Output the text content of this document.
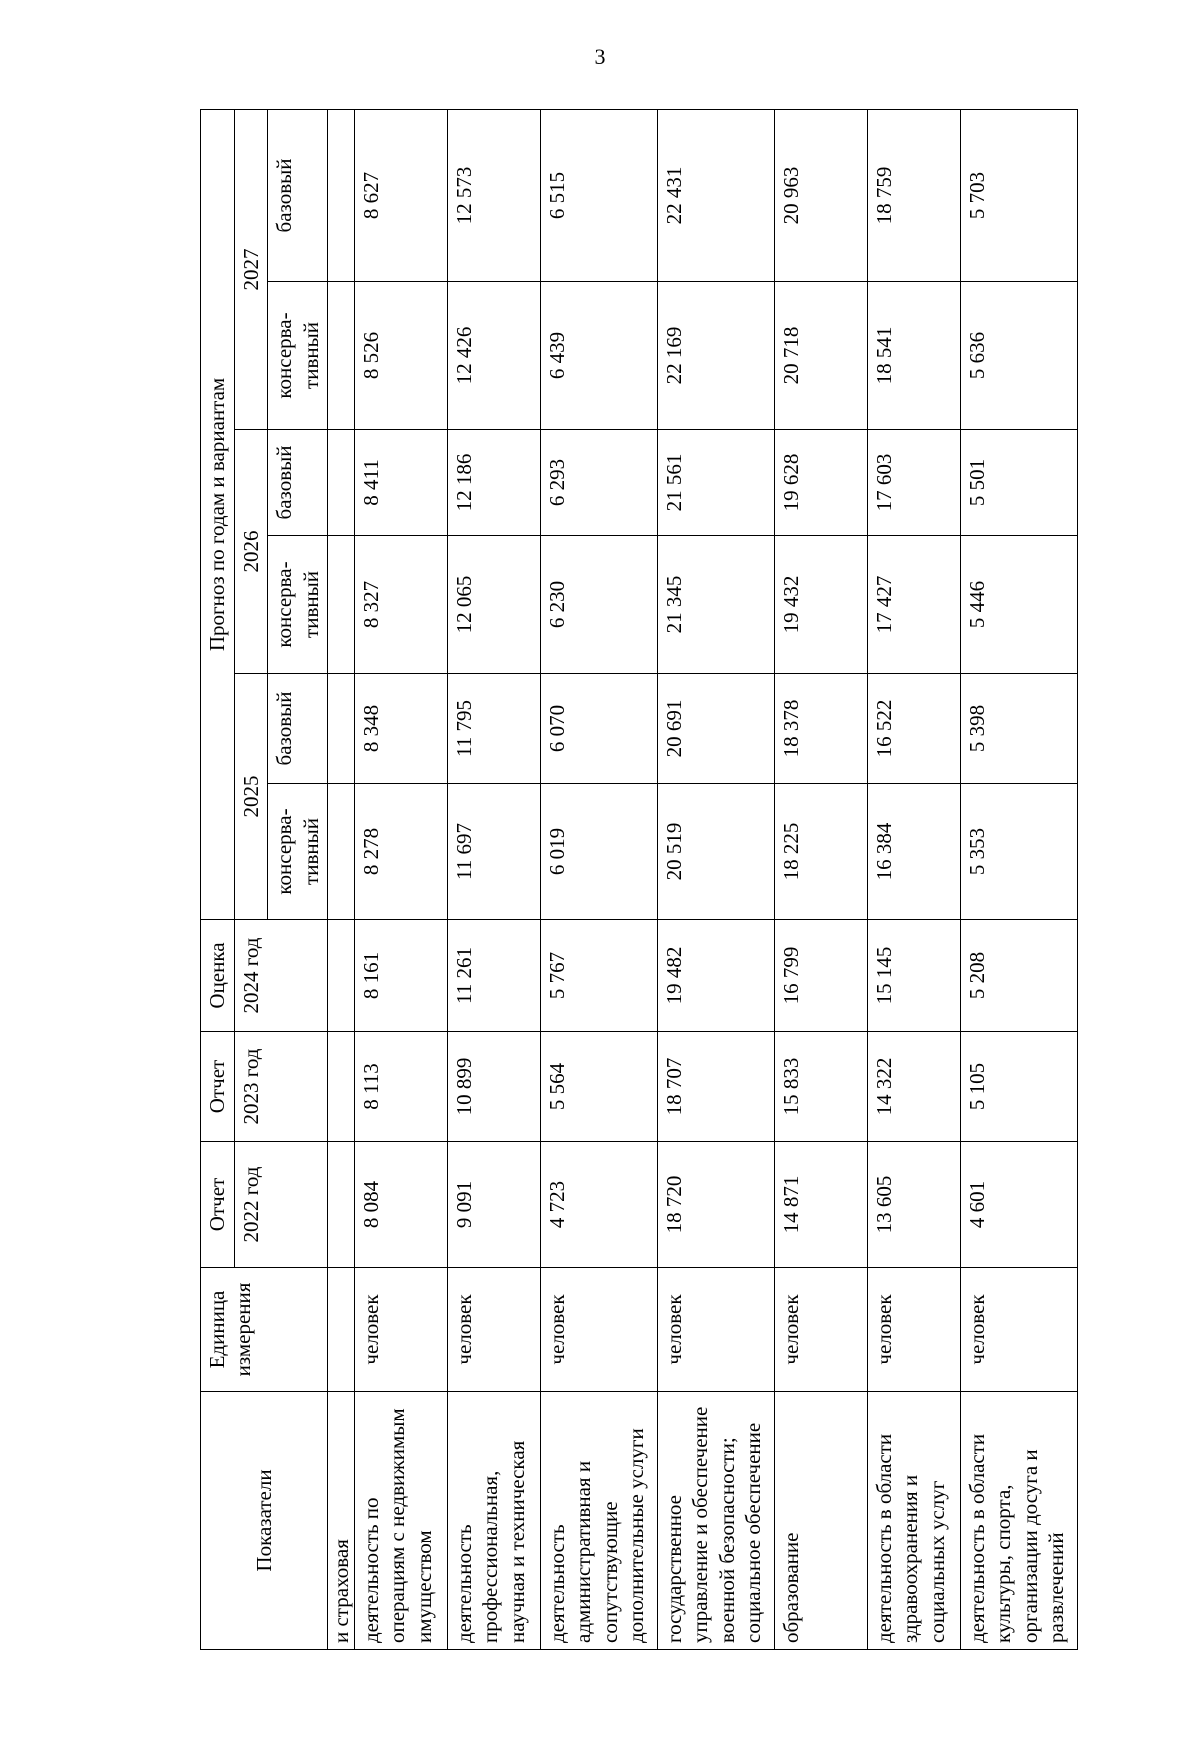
3
Показатели	Единица измерения	Отчет	Отчет	Оценка	Прогноз по годам и вариантам					
		2022 год	2023 год	2024 год	2025		2026		2027	
					консерва-тивный	базовый	консерва-тивный	базовый	консерва-тивный	базовый
и страховая										
деятельность по операциям с недвижимым имуществом	человек	8 084	8 113	8 161	8 278	8 348	8 327	8 411	8 526	8 627
деятельность профессиональная, научная и техническая	человек	9 091	10 899	11 261	11 697	11 795	12 065	12 186	12 426	12 573
деятельность административная и сопутствующие дополнительные услуги	человек	4 723	5 564	5 767	6 019	6 070	6 230	6 293	6 439	6 515
государственное управление и обеспечение военной безопасности; социальное обеспечение	человек	18 720	18 707	19 482	20 519	20 691	21 345	21 561	22 169	22 431
образование	человек	14 871	15 833	16 799	18 225	18 378	19 432	19 628	20 718	20 963
деятельность в области здравоохранения и социальных услуг	человек	13 605	14 322	15 145	16 384	16 522	17 427	17 603	18 541	18 759
деятельность в области культуры, спорта, организации досуга и развлечений	человек	4 601	5 105	5 208	5 353	5 398	5 446	5 501	5 636	5 703
